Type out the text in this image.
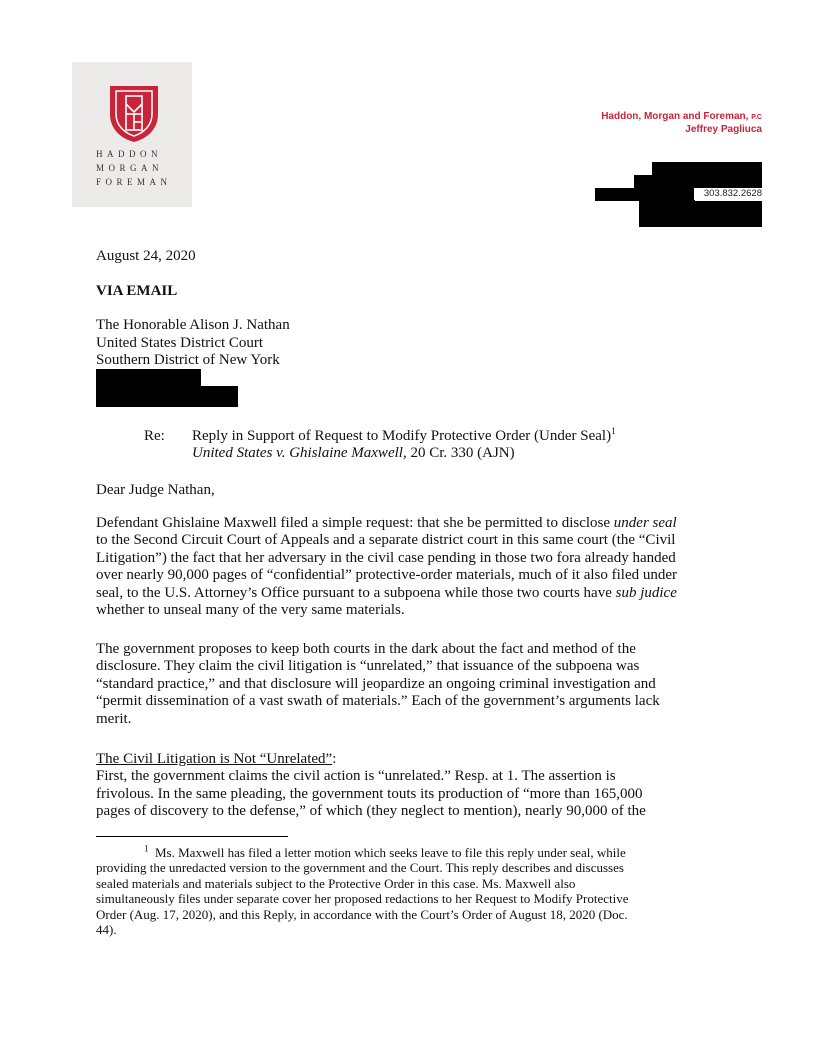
HADDON
MORGAN
FOREMAN
Haddon, Morgan and Foreman, P.C
Jeffrey Pagliuca
303.832.2628
August 24, 2020
VIA EMAIL
The Honorable Alison J. Nathan
United States District Court
Southern District of New York
Re: Reply in Support of Request to Modify Protective Order (Under Seal)$^1$
United States v. Ghislaine Maxwell, 20 Cr. 330 (AJN)
Dear Judge Nathan,
Defendant Ghislaine Maxwell filed a simple request: that she be permitted to disclose under seal
to the Second Circuit Court of Appeals and a separate district court in this same court (the “Civil
Litigation”) the fact that her adversary in the civil case pending in those two fora already handed
over nearly 90,000 pages of “confidential” protective-order materials, much of it also filed under
seal, to the U.S. Attorney’s Office pursuant to a subpoena while those two courts have sub judice
whether to unseal many of the very same materials.
The government proposes to keep both courts in the dark about the fact and method of the
disclosure. They claim the civil litigation is “unrelated,” that issuance of the subpoena was
“standard practice,” and that disclosure will jeopardize an ongoing criminal investigation and
“permit dissemination of a vast swath of materials.” Each of the government’s arguments lack
merit.
The Civil Litigation is Not “Unrelated”:
First, the government claims the civil action is “unrelated.” Resp. at 1. The assertion is
frivolous. In the same pleading, the government touts its production of “more than 165,000
pages of discovery to the defense,” of which (they neglect to mention), nearly 90,000 of the
$^1$ Ms. Maxwell has filed a letter motion which seeks leave to file this reply under seal, while
providing the unredacted version to the government and the Court. This reply describes and discusses
sealed materials and materials subject to the Protective Order in this case. Ms. Maxwell also
simultaneously files under separate cover her proposed redactions to her Request to Modify Protective
Order (Aug. 17, 2020), and this Reply, in accordance with the Court’s Order of August 18, 2020 (Doc.
44).
